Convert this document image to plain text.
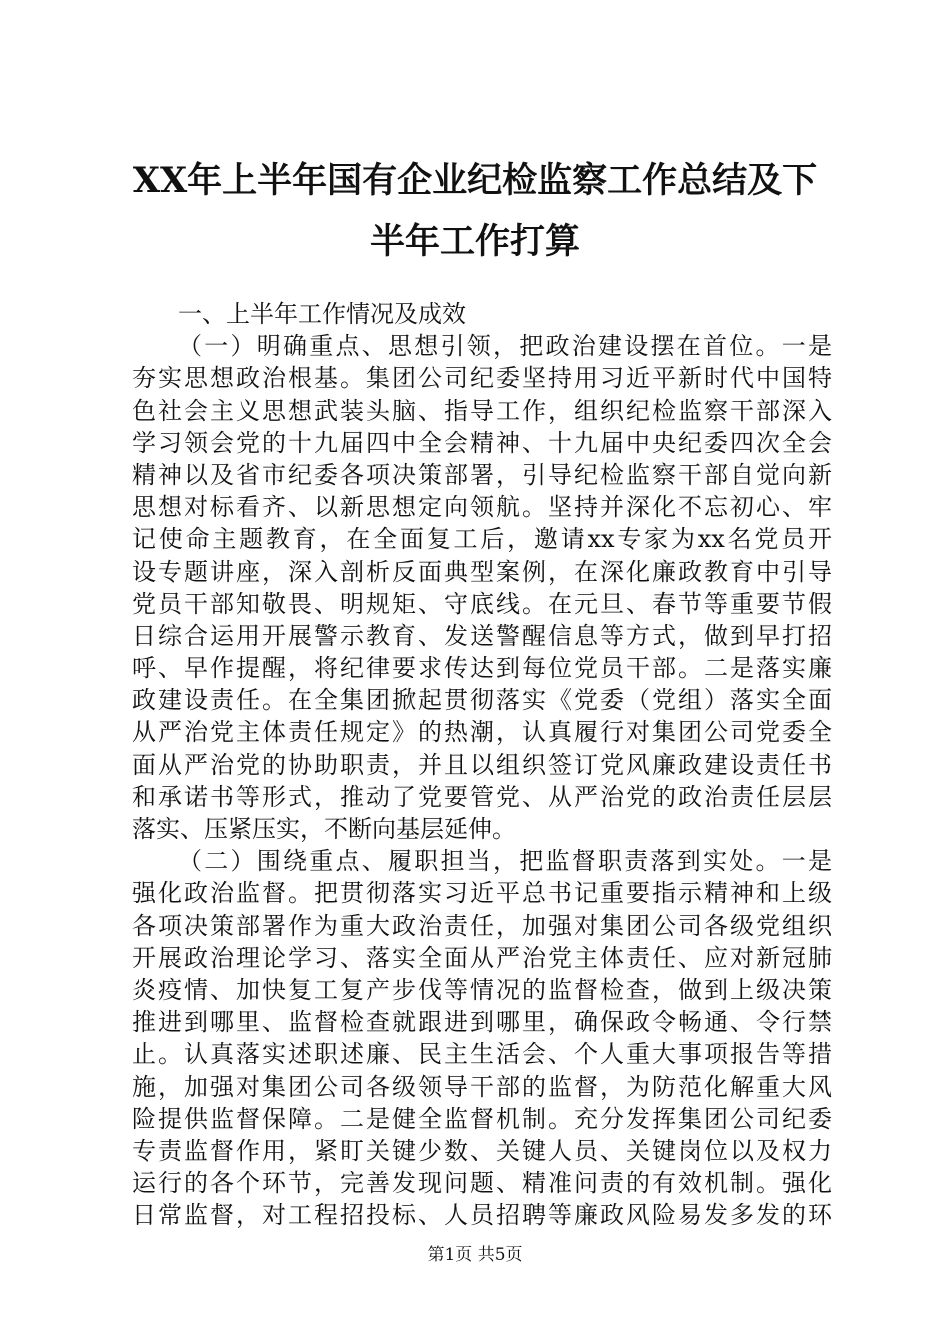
XX年上半年国有企业纪检监察工作总结及下
半年工作打算
一、上半年工作情况及成效
（一）明确重点、思想引领，把政治建设摆在首位。一是
夯实思想政治根基。集团公司纪委坚持用习近平新时代中国特
色社会主义思想武装头脑、指导工作，组织纪检监察干部深入
学习领会党的十九届四中全会精神、十九届中央纪委四次全会
精神以及省市纪委各项决策部署，引导纪检监察干部自觉向新
思想对标看齐、以新思想定向领航。坚持并深化不忘初心、牢
记使命主题教育，在全面复工后，邀请xx专家为xx名党员开
设专题讲座，深入剖析反面典型案例，在深化廉政教育中引导
党员干部知敬畏、明规矩、守底线。在元旦、春节等重要节假
日综合运用开展警示教育、发送警醒信息等方式，做到早打招
呼、早作提醒，将纪律要求传达到每位党员干部。二是落实廉
政建设责任。在全集团掀起贯彻落实《党委（党组）落实全面
从严治党主体责任规定》的热潮，认真履行对集团公司党委全
面从严治党的协助职责，并且以组织签订党风廉政建设责任书
和承诺书等形式，推动了党要管党、从严治党的政治责任层层
落实、压紧压实，不断向基层延伸。
（二）围绕重点、履职担当，把监督职责落到实处。一是
强化政治监督。把贯彻落实习近平总书记重要指示精神和上级
各项决策部署作为重大政治责任，加强对集团公司各级党组织
开展政治理论学习、落实全面从严治党主体责任、应对新冠肺
炎疫情、加快复工复产步伐等情况的监督检查，做到上级决策
推进到哪里、监督检查就跟进到哪里，确保政令畅通、令行禁
止。认真落实述职述廉、民主生活会、个人重大事项报告等措
施，加强对集团公司各级领导干部的监督，为防范化解重大风
险提供监督保障。二是健全监督机制。充分发挥集团公司纪委
专责监督作用，紧盯关键少数、关键人员、关键岗位以及权力
运行的各个环节，完善发现问题、精准问责的有效机制。强化
日常监督，对工程招投标、人员招聘等廉政风险易发多发的环
第1页 共5页
